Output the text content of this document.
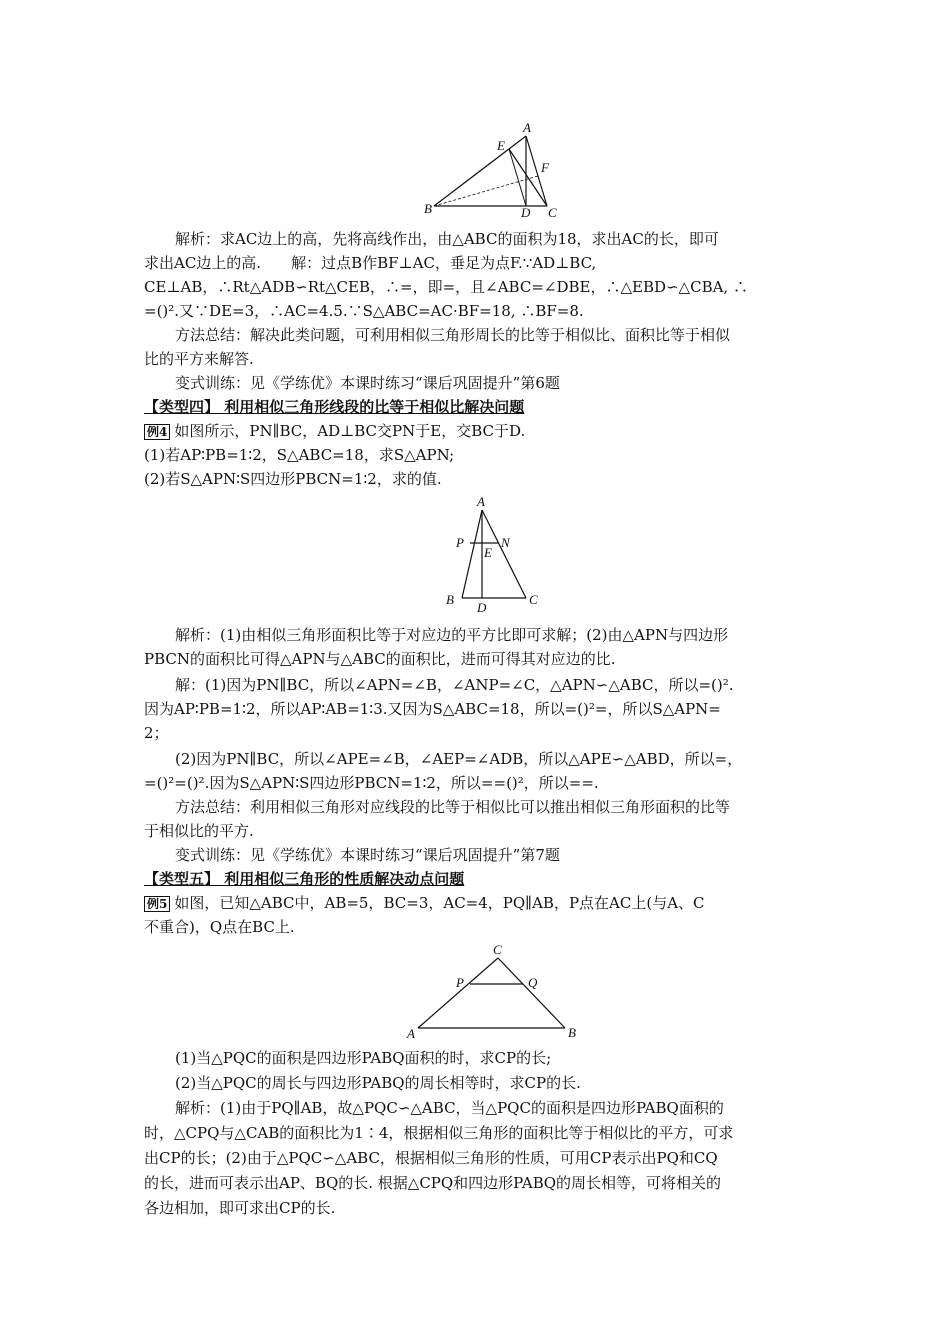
A
B	C
D
E
F
解析：求AC边上的高，先将高线作出，由△ABC的面积为18，求出AC的长，即可
求出AC边上的高.　　解：过点B作BF⊥AC，垂足为点F.∵AD⊥BC,
CE⊥AB，∴Rt△ADB∽Rt△CEB，∴=，即=，且∠ABC=∠DBE，∴△EBD∽△CBA, ∴
=()².又∵DE=3，∴AC=4.5.∵S△ABC=AC·BF=18, ∴BF=8.
方法总结：解决此类问题，可利用相似三角形周长的比等于相似比、面积比等于相似
比的平方来解答.
变式训练：见《学练优》本课时练习“课后巩固提升”第6题
【类型四】 利用相似三角形线段的比等于相似比解决问题
例4 如图所示，PN∥BC，AD⊥BC交PN于E，交BC于D.
(1)若AP∶PB=1∶2，S△ABC=18，求S△APN;
(2)若S△APN∶S四边形PBCN=1∶2，求的值.
A
B	C
D
E
P	N
解析：(1)由相似三角形面积比等于对应边的平方比即可求解；(2)由△APN与四边形
PBCN的面积比可得△APN与△ABC的面积比，进而可得其对应边的比.
解：(1)因为PN∥BC，所以∠APN=∠B，∠ANP=∠C，△APN∽△ABC，所以=()².
因为AP∶PB=1∶2，所以AP∶AB=1∶3.又因为S△ABC=18，所以=()²=，所以S△APN=
2；
(2)因为PN∥BC，所以∠APE=∠B，∠AEP=∠ADB，所以△APE∽△ABD，所以=，
=()²=()².因为S△APN∶S四边形PBCN=1∶2，所以==()²，所以==.
方法总结：利用相似三角形对应线段的比等于相似比可以推出相似三角形面积的比等
于相似比的平方.
变式训练：见《学练优》本课时练习“课后巩固提升”第7题
【类型五】 利用相似三角形的性质解决动点问题
例5 如图，已知△ABC中，AB=5，BC=3，AC=4，PQ∥AB，P点在AC上(与A、C
不重合)，Q点在BC上.
C
P	Q
A	B
(1)当△PQC的面积是四边形PABQ面积的时，求CP的长;
(2)当△PQC的周长与四边形PABQ的周长相等时，求CP的长.
解析：(1)由于PQ∥AB，故△PQC∽△ABC，当△PQC的面积是四边形PABQ面积的
时，△CPQ与△CAB的面积比为1∶4，根据相似三角形的面积比等于相似比的平方，可求
出CP的长；(2)由于△PQC∽△ABC，根据相似三角形的性质，可用CP表示出PQ和CQ
的长，进而可表示出AP、BQ的长. 根据△CPQ和四边形PABQ的周长相等，可将相关的
各边相加，即可求出CP的长.
